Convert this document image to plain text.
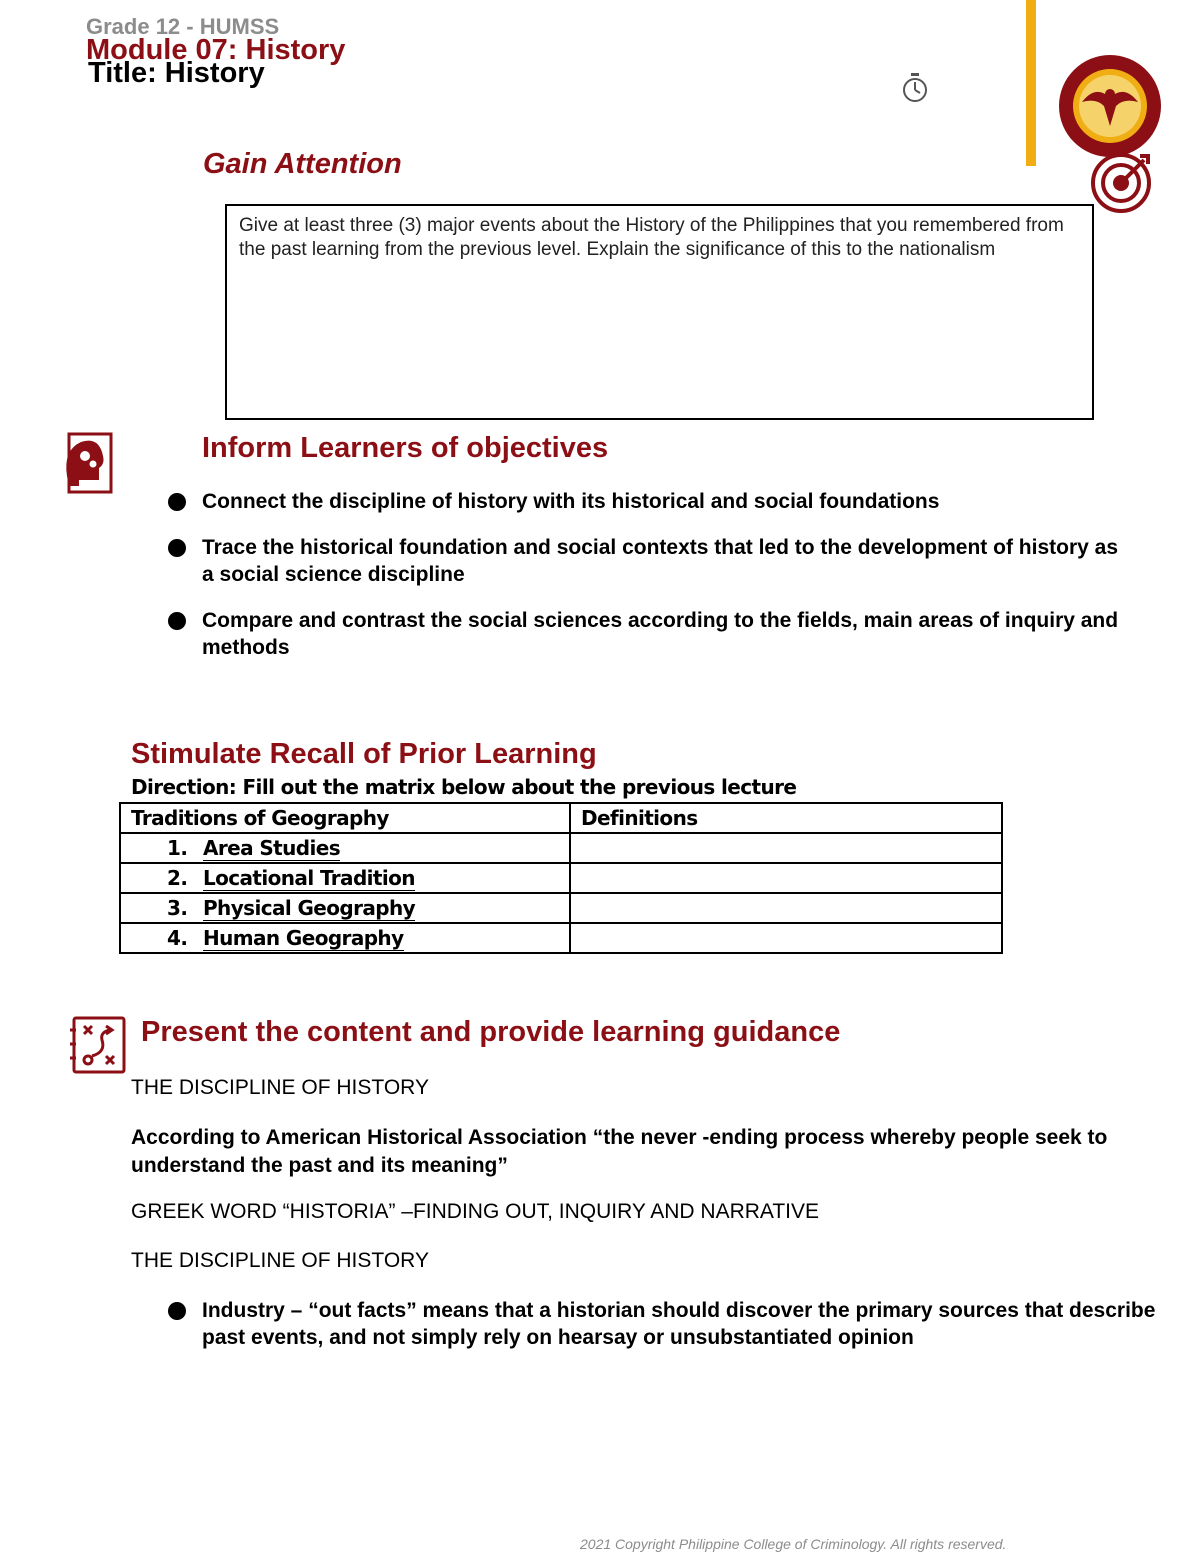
Grade 12 - HUMSS
Module 07: History
Title: History
Gain Attention
Give at least three (3) major events about the History of the Philippines that you remembered from the past learning from the previous level. Explain the significance of this to the nationalism
Inform Learners of objectives
Connect the discipline of history with its historical and social foundations
Trace the historical foundation and social contexts that led to the development of history as a social science discipline
Compare and contrast the social sciences according to the fields, main areas of inquiry and methods
Stimulate Recall of Prior Learning
Direction: Fill out the matrix below about the previous lecture
Traditions of Geography	Definitions
1. Area Studies	
2. Locational Tradition	
3. Physical Geography	
4. Human Geography	
Present the content and provide learning guidance
THE DISCIPLINE OF HISTORY
According to American Historical Association “the never -ending process whereby people seek to understand the past and its meaning”
GREEK WORD “HISTORIA” –FINDING OUT, INQUIRY AND NARRATIVE
THE DISCIPLINE OF HISTORY
Industry – “out facts” means that a historian should discover the primary sources that describe past events, and not simply rely on hearsay or unsubstantiated opinion
2021 Copyright Philippine College of Criminology. All rights reserved.
